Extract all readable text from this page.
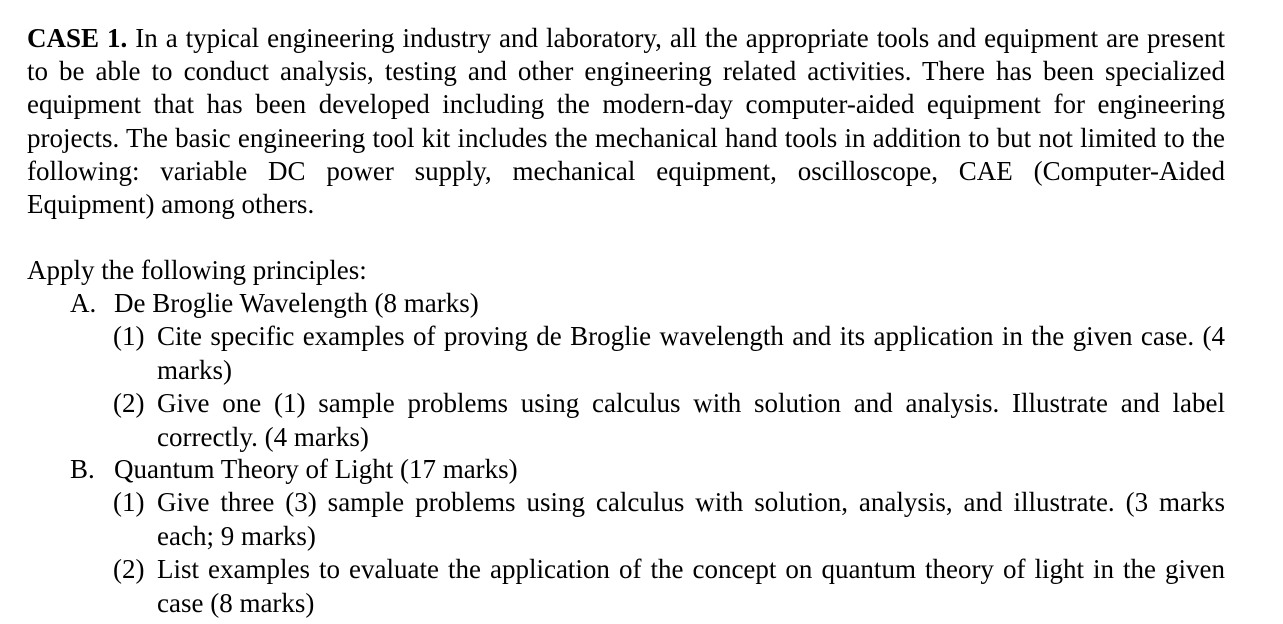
CASE 1. In a typical engineering industry and laboratory, all the appropriate tools and equipment are present to be able to conduct analysis, testing and other engineering related activities. There has been specialized equipment that has been developed including the modern-day computer-aided equipment for engineering projects. The basic engineering tool kit includes the mechanical hand tools in addition to but not limited to the following: variable DC power supply, mechanical equipment, oscilloscope, CAE (Computer-Aided Equipment) among others.

Apply the following principles:

A. De Broglie Wavelength (8 marks)

(1) Cite specific examples of proving de Broglie wavelength and its application in the given case. (4 marks)
(2) Give one (1) sample problems using calculus with solution and analysis. Illustrate and label correctly. (4 marks)

B. Quantum Theory of Light (17 marks)

(1) Give three (3) sample problems using calculus with solution, analysis, and illustrate. (3 marks each; 9 marks)
(2) List examples to evaluate the application of the concept on quantum theory of light in the given case (8 marks)
